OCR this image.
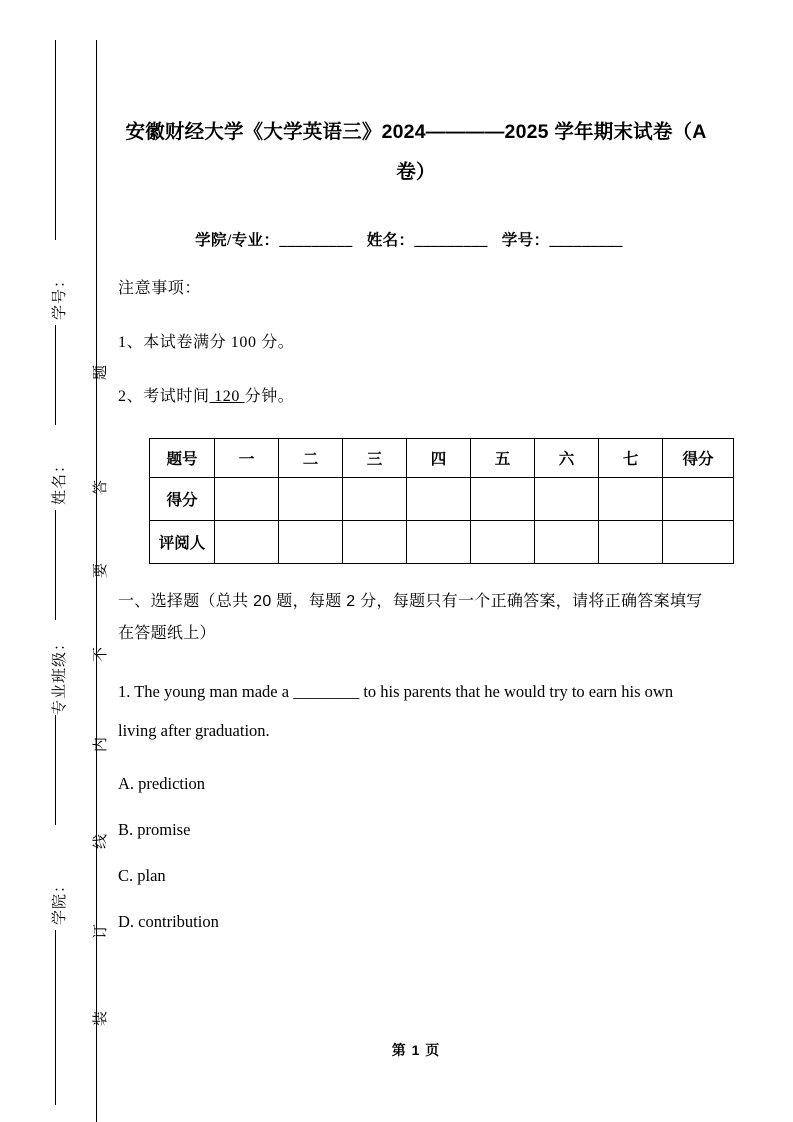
学号：
姓名：
专业班级：
学院：
题
答
要
不
内
线
订
装
安徽财经大学《大学英语三》2024————2025 学年期末试卷（A 卷）
学院/专业：_________ 姓名：_________ 学号：_________
注意事项：
1、本试卷满分 100 分。
2、考试时间 120 分钟。
题号	一	二	三	四	五	六	七	得分
得分								
评阅人								
一、选择题（总共 20 题，每题 2 分，每题只有一个正确答案，请将正确答案填写在答题纸上）
1. The young man made a ________ to his parents that he would try to earn his own living after graduation.
A. prediction
B. promise
C. plan
D. contribution
第 1 页
